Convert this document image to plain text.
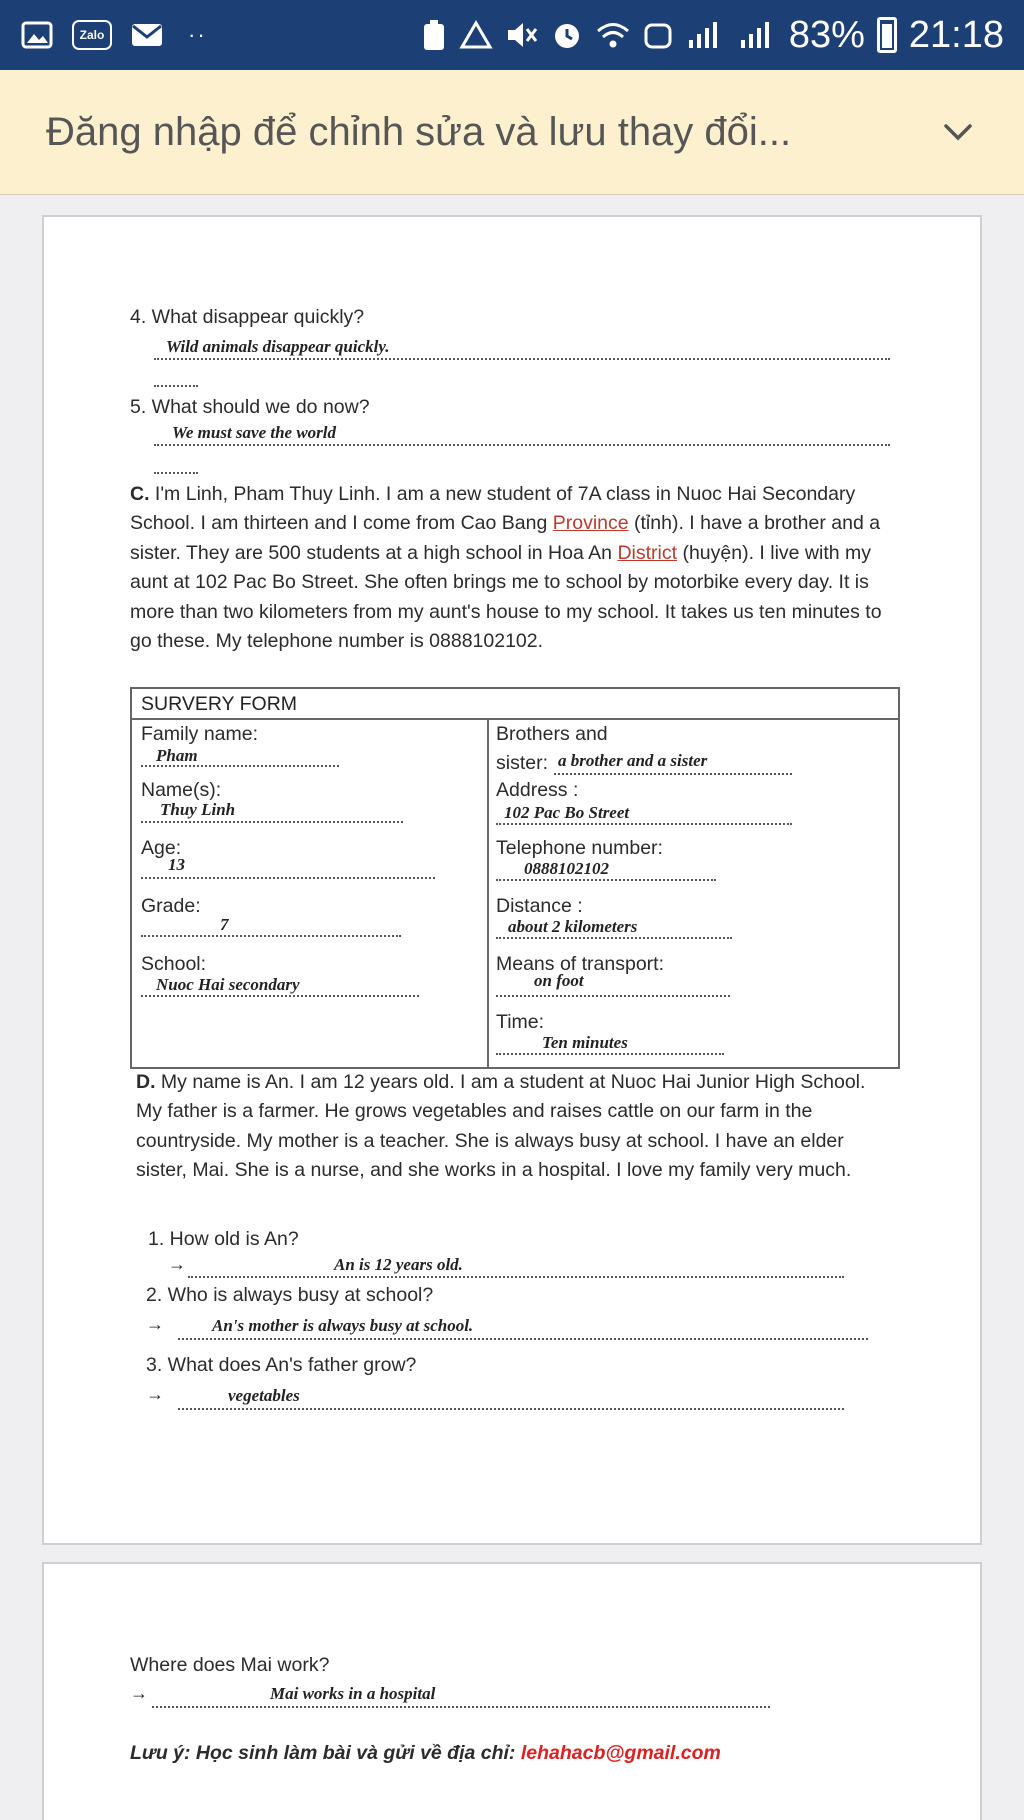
Zalo	··	83% 21:18
Đăng nhập để chỉnh sửa và lưu thay đổi...
4. What disappear quickly?
Wild animals disappear quickly.
5. What should we do now?
We must save the world
C. I'm Linh, Pham Thuy Linh. I am a new student of 7A class in Nuoc Hai Secondary School. I am thirteen and I come from Cao Bang Province (tỉnh). I have a brother and a sister. They are 500 students at a high school in Hoa An District (huyện). I live with my aunt at 102 Pac Bo Street. She often brings me to school by motorbike every day. It is more than two kilometers from my aunt's house to my school. It takes us ten minutes to go these. My telephone number is 0888102102.
SURVERY FORM
Family name:
Pham
Name(s):
Thuy Linh
Age:
13
Grade:
7
School:
Nuoc Hai secondary
Brothers and
sister: a brother and a sister
Address :
102 Pac Bo Street
Telephone number:
0888102102
Distance :
about 2 kilometers
Means of transport:
on foot
Time:
Ten minutes
D. My name is An. I am 12 years old. I am a student at Nuoc Hai Junior High School. My father is a farmer. He grows vegetables and raises cattle on our farm in the countryside. My mother is a teacher. She is always busy at school. I have an elder sister, Mai. She is a nurse, and she works in a hospital. I love my family very much.
1. How old is An?
→	An is 12 years old.
2. Who is always busy at school?
→	An's mother is always busy at school.
3. What does An's father grow?
→	vegetables
Where does Mai work?
→	Mai works in a hospital
Lưu ý: Học sinh làm bài và gửi về địa chỉ: lehahacb@gmail.com
